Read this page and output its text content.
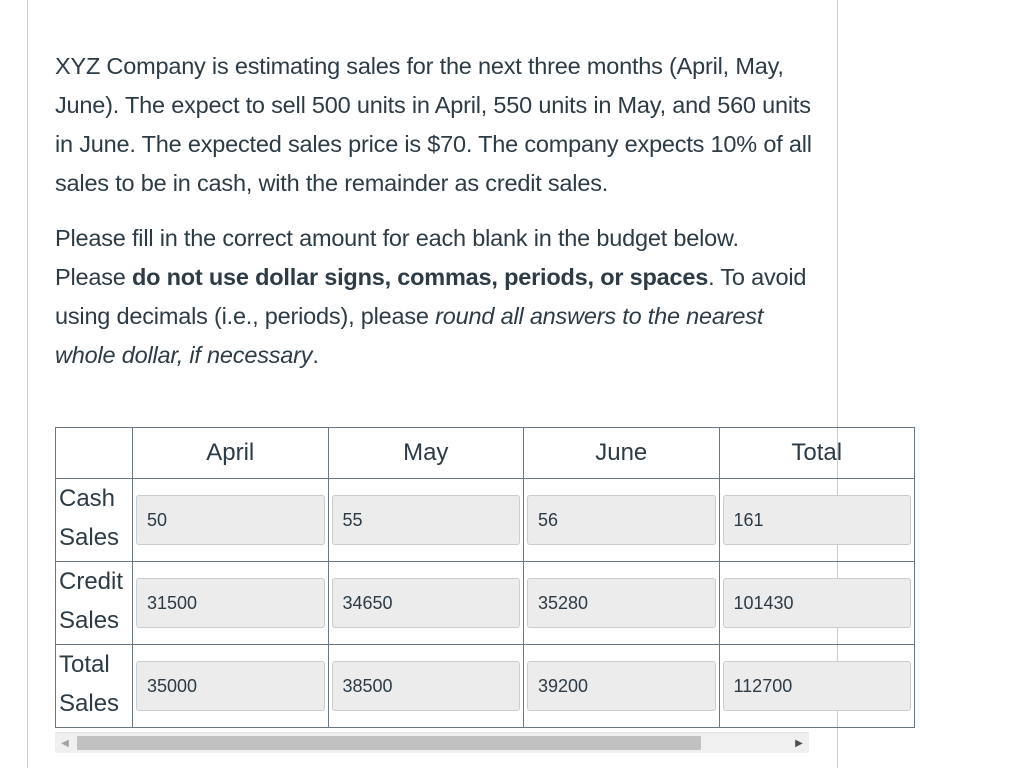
XYZ Company is estimating sales for the next three months (April, May, June). The expect to sell 500 units in April, 550 units in May, and 560 units in June. The expected sales price is $70. The company expects 10% of all sales to be in cash, with the remainder as credit sales.

Please fill in the correct amount for each blank in the budget below. Please do not use dollar signs, commas, periods, or spaces. To avoid using decimals (i.e., periods), please round all answers to the nearest whole dollar, if necessary.

	April	May	June	Total
Cash
Sales	50	55	56	161

Credit
Sales	31500	34650	35280	101430

Total
Sales	35000	38500	39200	112700
◀	▶
